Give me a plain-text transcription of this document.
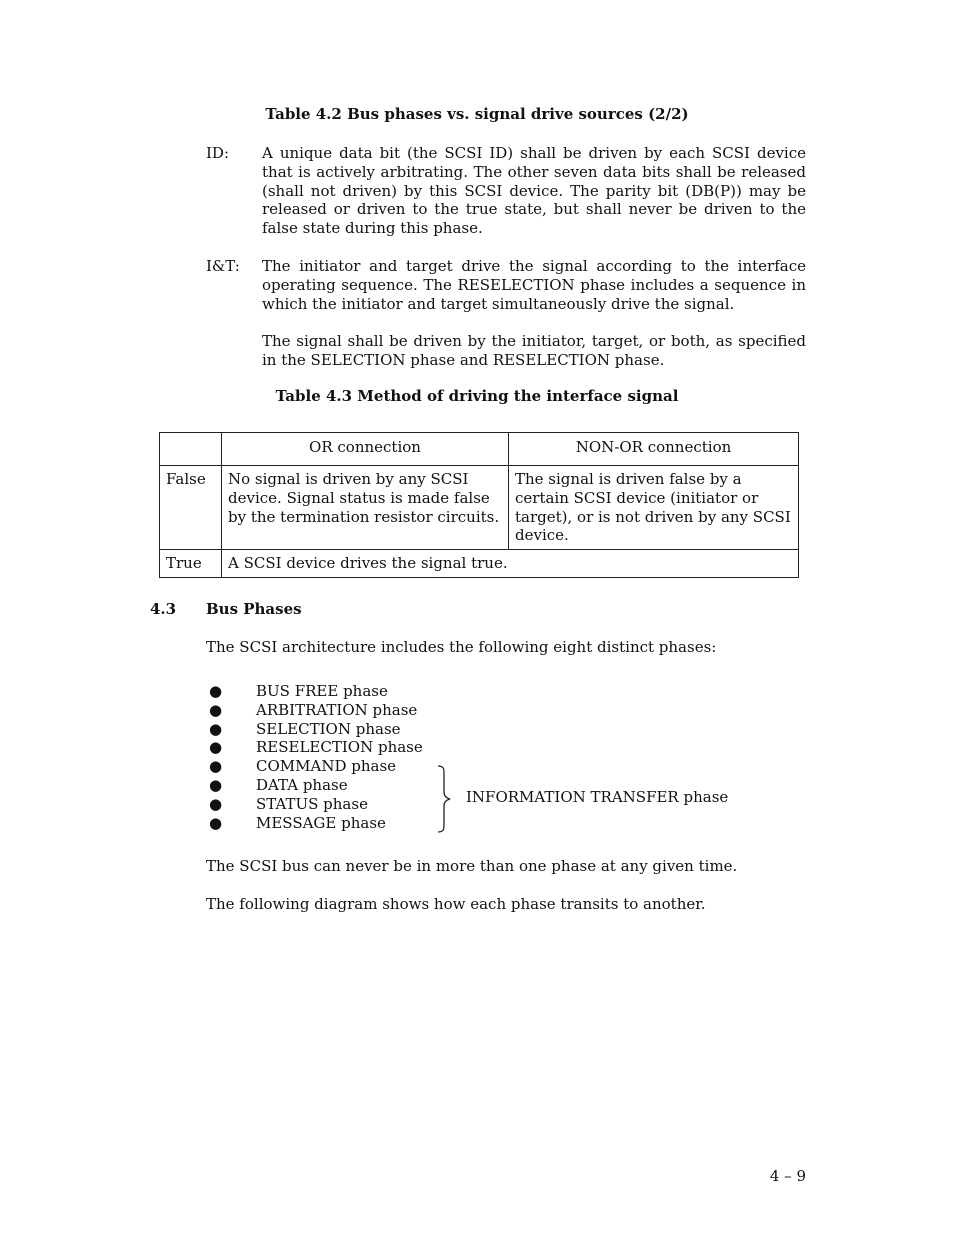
Table 4.2 Bus phases vs. signal drive sources (2/2)
ID: A unique data bit (the SCSI ID) shall be driven by each SCSI device that is actively arbitrating. The other seven data bits shall be released (shall not driven) by this SCSI device. The parity bit (DB(P)) may be released or driven to the true state, but shall never be driven to the false state during this phase.
I&T: The initiator and target drive the signal according to the interface operating sequence. The RESELECTION phase includes a sequence in which the initiator and target simultaneously drive the signal.
The signal shall be driven by the initiator, target, or both, as specified in the SELECTION phase and RESELECTION phase.
Table 4.3 Method of driving the interface signal
	OR connection	NON-OR connection
False	No signal is driven by any SCSI device. Signal status is made false by the termination resistor circuits.	The signal is driven false by a certain SCSI device (initiator or target), or is not driven by any SCSI device.
True	A SCSI device drives the signal true.	
4.3 Bus Phases
The SCSI architecture includes the following eight distinct phases:
● BUS FREE phase
● ARBITRATION phase
● SELECTION phase
● RESELECTION phase
● COMMAND phase
● DATA phase
● STATUS phase
● MESSAGE phase
INFORMATION TRANSFER phase
The SCSI bus can never be in more than one phase at any given time.
The following diagram shows how each phase transits to another.
4 – 9
